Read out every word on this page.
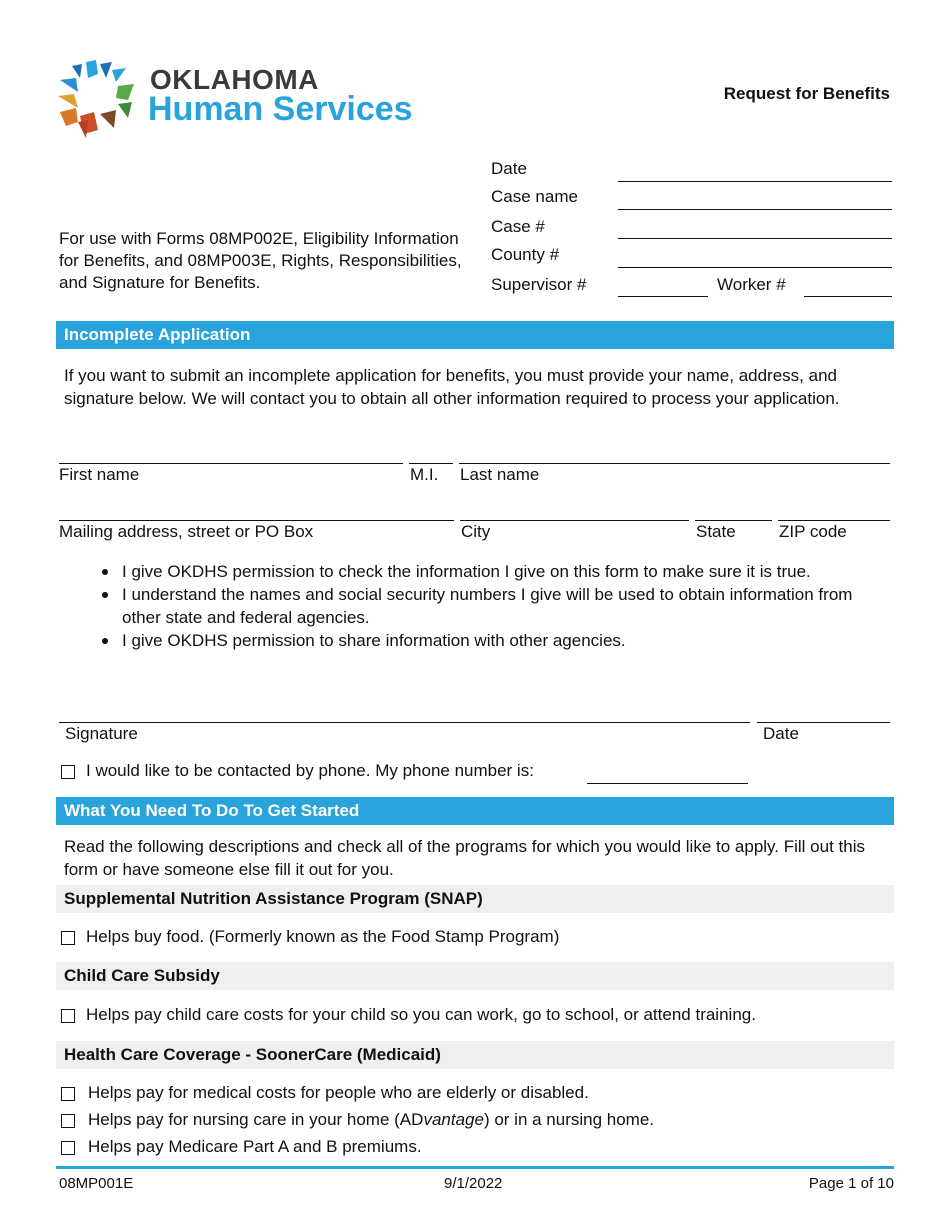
OKLAHOMA
Human Services	Request for Benefits
For use with Forms 08MP002E, Eligibility Information for Benefits, and 08MP003E, Rights, Responsibilities, and Signature for Benefits.
Date
Case name
Case #
County #
Supervisor #	Worker #
Incomplete Application
If you want to submit an incomplete application for benefits, you must provide your name, address, and signature below. We will contact you to obtain all other information required to process your application.
First name	M.I. Last name
Mailing address, street or PO Box	City	State	ZIP code
I give OKDHS permission to check the information I give on this form to make sure it is true.
I understand the names and social security numbers I give will be used to obtain information from other state and federal agencies.
I give OKDHS permission to share information with other agencies.
Signature	Date
I would like to be contacted by phone. My phone number is:
What You Need To Do To Get Started
Read the following descriptions and check all of the programs for which you would like to apply. Fill out this form or have someone else fill it out for you.
Supplemental Nutrition Assistance Program (SNAP)
Helps buy food. (Formerly known as the Food Stamp Program)
Child Care Subsidy
Helps pay child care costs for your child so you can work, go to school, or attend training.
Health Care Coverage - SoonerCare (Medicaid)
Helps pay for medical costs for people who are elderly or disabled.
Helps pay for nursing care in your home (ADvantage) or in a nursing home.
Helps pay Medicare Part A and B premiums.
08MP001E	9/1/2022	Page 1 of 10
